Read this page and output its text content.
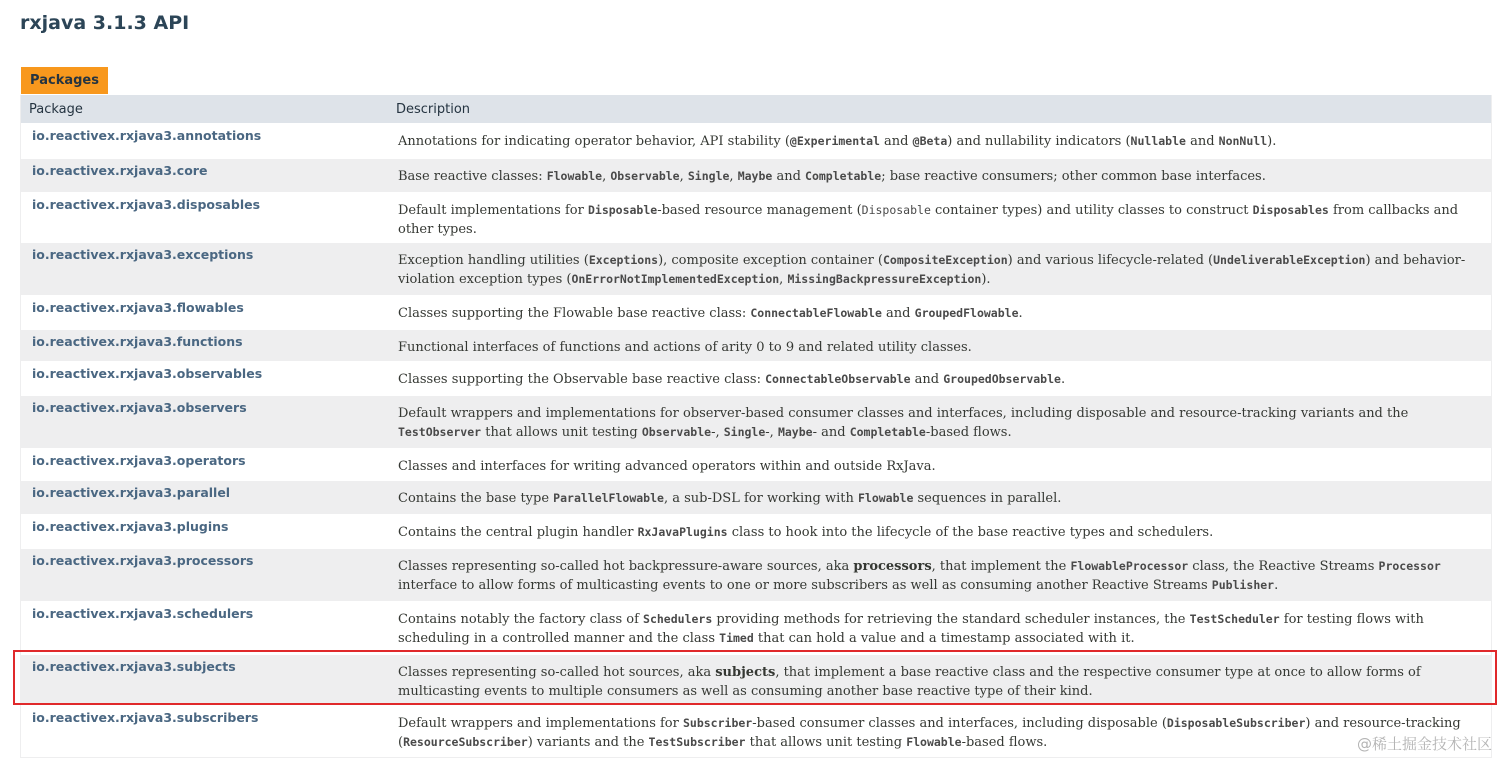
rxjava 3.1.3 API
Packages
Package	Description
io.reactivex.rxjava3.annotations	Annotations for indicating operator behavior, API stability (@Experimental and @Beta) and nullability indicators (Nullable and NonNull).
io.reactivex.rxjava3.core	Base reactive classes: Flowable, Observable, Single, Maybe and Completable; base reactive consumers; other common base interfaces.
io.reactivex.rxjava3.disposables	Default implementations for Disposable-based resource management (Disposable container types) and utility classes to construct Disposables from callbacks and other types.
io.reactivex.rxjava3.exceptions	Exception handling utilities (Exceptions), composite exception container (CompositeException) and various lifecycle-related (UndeliverableException) and behavior-violation exception types (OnErrorNotImplementedException, MissingBackpressureException).
io.reactivex.rxjava3.flowables	Classes supporting the Flowable base reactive class: ConnectableFlowable and GroupedFlowable.
io.reactivex.rxjava3.functions	Functional interfaces of functions and actions of arity 0 to 9 and related utility classes.
io.reactivex.rxjava3.observables	Classes supporting the Observable base reactive class: ConnectableObservable and GroupedObservable.
io.reactivex.rxjava3.observers	Default wrappers and implementations for observer-based consumer classes and interfaces, including disposable and resource-tracking variants and the TestObserver that allows unit testing Observable-, Single-, Maybe- and Completable-based flows.
io.reactivex.rxjava3.operators	Classes and interfaces for writing advanced operators within and outside RxJava.
io.reactivex.rxjava3.parallel	Contains the base type ParallelFlowable, a sub-DSL for working with Flowable sequences in parallel.
io.reactivex.rxjava3.plugins	Contains the central plugin handler RxJavaPlugins class to hook into the lifecycle of the base reactive types and schedulers.
io.reactivex.rxjava3.processors	Classes representing so-called hot backpressure-aware sources, aka processors, that implement the FlowableProcessor class, the Reactive Streams Processor interface to allow forms of multicasting events to one or more subscribers as well as consuming another Reactive Streams Publisher.
io.reactivex.rxjava3.schedulers	Contains notably the factory class of Schedulers providing methods for retrieving the standard scheduler instances, the TestScheduler for testing flows with scheduling in a controlled manner and the class Timed that can hold a value and a timestamp associated with it.
io.reactivex.rxjava3.subjects	Classes representing so-called hot sources, aka subjects, that implement a base reactive class and the respective consumer type at once to allow forms of multicasting events to multiple consumers as well as consuming another base reactive type of their kind.
io.reactivex.rxjava3.subscribers	Default wrappers and implementations for Subscriber-based consumer classes and interfaces, including disposable (DisposableSubscriber) and resource-tracking (ResourceSubscriber) variants and the TestSubscriber that allows unit testing Flowable-based flows.	@稀土掘金技术社区
